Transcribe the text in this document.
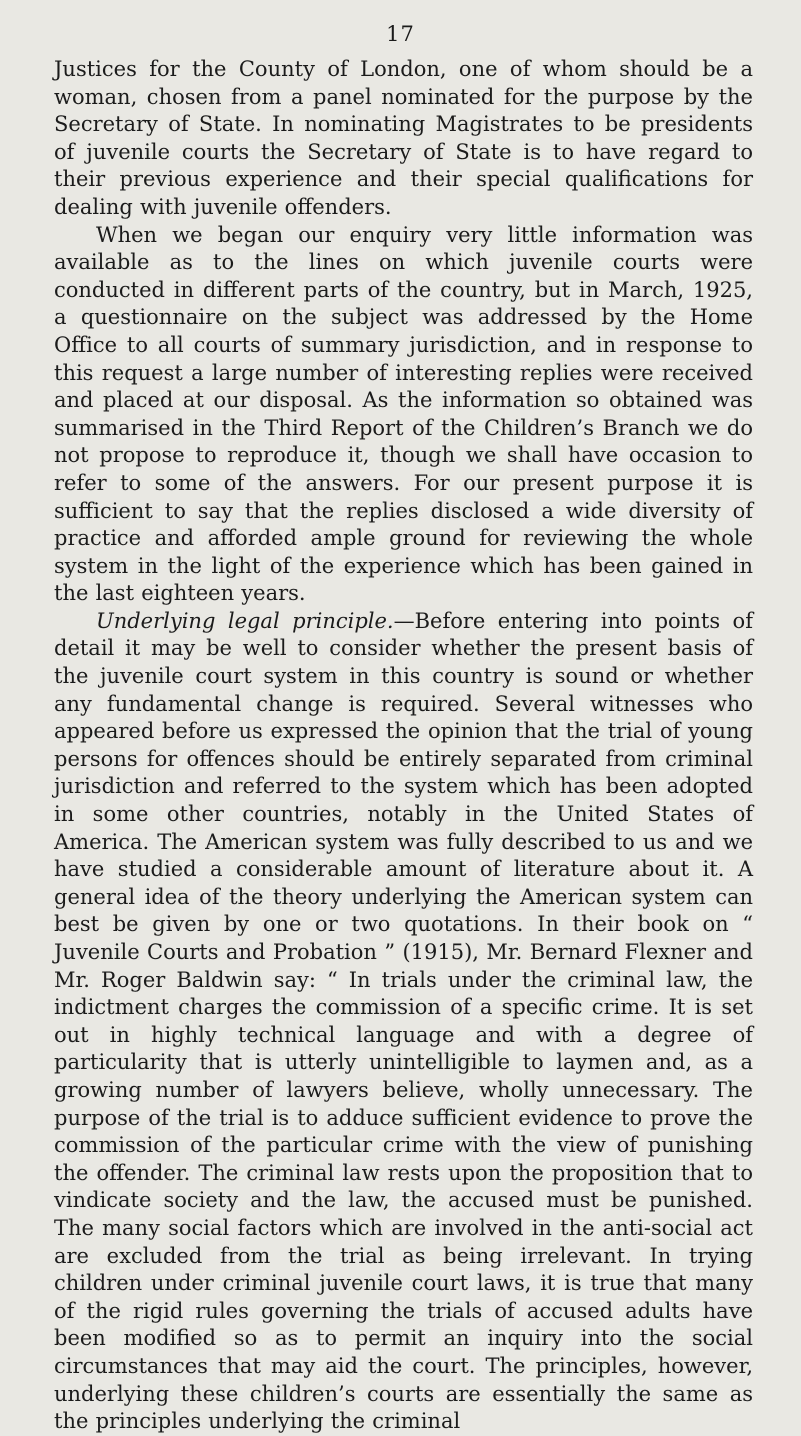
17

Justices for the County of London, one of whom should be a woman, chosen from a panel nominated for the purpose by the Secretary of State. In nominating Magistrates to be presidents of juvenile courts the Secretary of State is to have regard to their previous experience and their special qualifications for dealing with juvenile offenders.

When we began our enquiry very little information was available as to the lines on which juvenile courts were conducted in different parts of the country, but in March, 1925, a questionnaire on the subject was addressed by the Home Office to all courts of summary jurisdiction, and in response to this request a large number of interesting replies were received and placed at our disposal. As the information so obtained was summarised in the Third Report of the Children’s Branch we do not propose to reproduce it, though we shall have occasion to refer to some of the answers. For our present purpose it is sufficient to say that the replies disclosed a wide diversity of practice and afforded ample ground for reviewing the whole system in the light of the experience which has been gained in the last eighteen years.

Underlying legal principle.—Before entering into points of detail it may be well to consider whether the present basis of the juvenile court system in this country is sound or whether any fundamental change is required. Several witnesses who appeared before us expressed the opinion that the trial of young persons for offences should be entirely separated from criminal jurisdiction and referred to the system which has been adopted in some other countries, notably in the United States of America. The American system was fully described to us and we have studied a considerable amount of literature about it. A general idea of the theory underlying the American system can best be given by one or two quotations. In their book on “ Juvenile Courts and Probation ” (1915), Mr. Bernard Flexner and Mr. Roger Baldwin say: “ In trials under the criminal law, the indictment charges the commission of a specific crime. It is set out in highly technical language and with a degree of particularity that is utterly unintelligible to laymen and, as a growing number of lawyers believe, wholly unnecessary. The purpose of the trial is to adduce sufficient evidence to prove the commission of the particular crime with the view of punishing the offender. The criminal law rests upon the proposition that to vindicate society and the law, the accused must be punished. The many social factors which are involved in the anti-social act are excluded from the trial as being irrelevant. In trying children under criminal juvenile court laws, it is true that many of the rigid rules governing the trials of accused adults have been modified so as to permit an inquiry into the social circumstances that may aid the court. The principles, however, underlying these children’s courts are essentially the same as the principles underlying the criminal
